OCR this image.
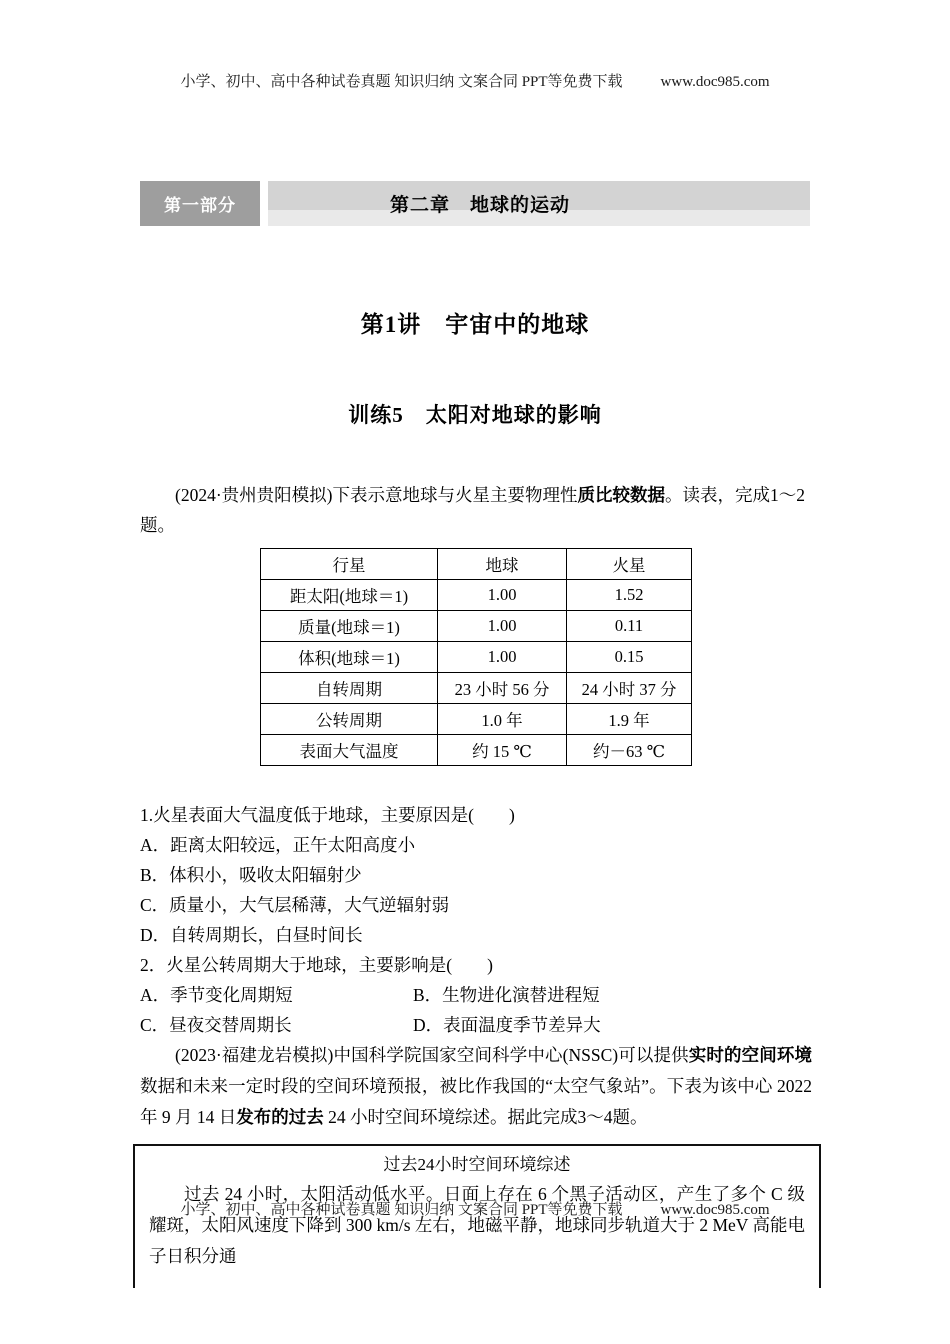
小学、初中、高中各种试卷真题 知识归纳 文案合同 PPT等免费下载	www.doc985.com
第一部分	第二章　地球的运动
第1讲　宇宙中的地球
训练5　太阳对地球的影响

(2024·贵州贵阳模拟)下表示意地球与火星主要物理性质比较数据。读表，完成1～2题。

行星	地球	火星
距太阳(地球＝1)	1.00	1.52
质量(地球＝1)	1.00	0.11
体积(地球＝1)	1.00	0.15
自转周期	23 小时 56 分	24 小时 37 分
公转周期	1.0 年	1.9 年
表面大气温度	约 15 ℃	约－63 ℃

1.火星表面大气温度低于地球，主要原因是(　　)

A．距离太阳较远，正午太阳高度小

B．体积小，吸收太阳辐射少

C．质量小，大气层稀薄，大气逆辐射弱

D．自转周期长，白昼时间长

2．火星公转周期大于地球，主要影响是(　　)

A．季节变化周期短	B．生物进化演替进程短

C．昼夜交替周期长	D．表面温度季节差异大

(2023·福建龙岩模拟)中国科学院国家空间科学中心(NSSC)可以提供实时的空间环境数据和未来一定时段的空间环境预报，被比作我国的“太空气象站”。下表为该中心 2022 年 9 月 14 日发布的过去 24 小时空间环境综述。据此完成3～4题。

过去24小时空间环境综述

过去 24 小时，太阳活动低水平。日面上存在 6 个黑子活动区，产生了多个 C 级耀斑，太阳风速度下降到 300 km/s 左右，地磁平静，地球同步轨道大于 2 MeV 高能电子日积分通

小学、初中、高中各种试卷真题 知识归纳 文案合同 PPT等免费下载	www.doc985.com
